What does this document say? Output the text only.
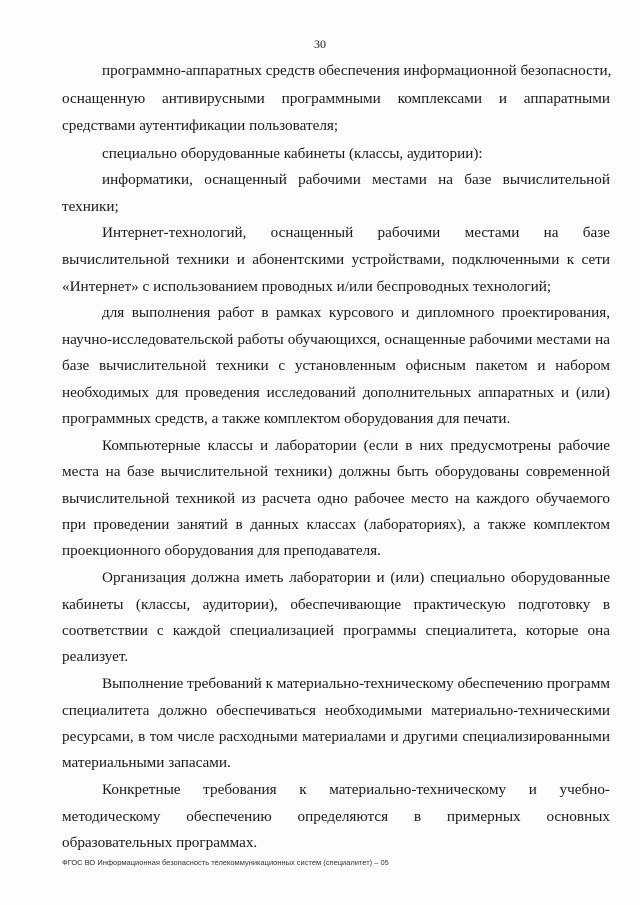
30
программно-аппаратных средств обеспечения информационной безопасности,
оснащенную антивирусными программными комплексами и аппаратными
средствами аутентификации пользователя;
специально оборудованные кабинеты (классы, аудитории):
информатики, оснащенный рабочими местами на базе вычислительной
техники;
Интернет-технологий, оснащенный рабочими местами на базе
вычислительной техники и абонентскими устройствами, подключенными к сети
«Интернет» с использованием проводных и/или беспроводных технологий;
для выполнения работ в рамках курсового и дипломного проектирования,
научно-исследовательской работы обучающихся, оснащенные рабочими местами на
базе вычислительной техники с установленным офисным пакетом и набором
необходимых для проведения исследований дополнительных аппаратных и (или)
программных средств, а также комплектом оборудования для печати.
Компьютерные классы и лаборатории (если в них предусмотрены рабочие
места на базе вычислительной техники) должны быть оборудованы современной
вычислительной техникой из расчета одно рабочее место на каждого обучаемого
при проведении занятий в данных классах (лабораториях), а также комплектом
проекционного оборудования для преподавателя.
Организация должна иметь лаборатории и (или) специально оборудованные
кабинеты (классы, аудитории), обеспечивающие практическую подготовку в
соответствии с каждой специализацией программы специалитета, которые она
реализует.
Выполнение требований к материально-техническому обеспечению программ
специалитета должно обеспечиваться необходимыми материально-техническими
ресурсами, в том числе расходными материалами и другими специализированными
материальными запасами.
Конкретные требования к материально-техническому и учебно-
методическому обеспечению определяются в примерных основных
образовательных программах.
ФГОС ВО Информационная безопасность телекоммуникационных систем (специалитет) – 05
